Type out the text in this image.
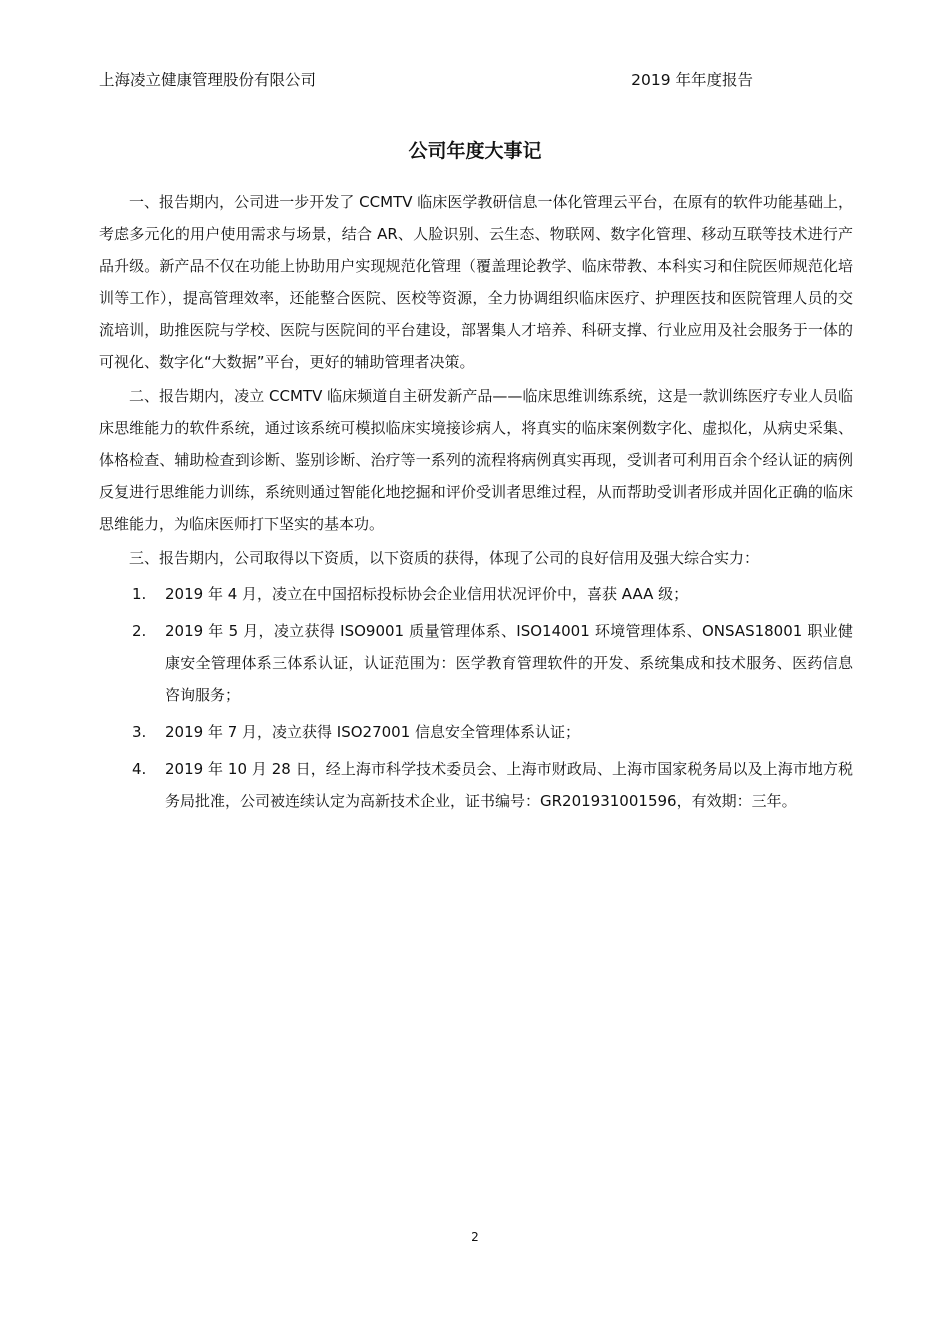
上海凌立健康管理股份有限公司	2019 年年度报告
公司年度大事记

一、报告期内，公司进一步开发了 CCMTV 临床医学教研信息一体化管理云平台，在原有的软件功能基础上，考虑多元化的用户使用需求与场景，结合 AR、人脸识别、云生态、物联网、数字化管理、移动互联等技术进行产品升级。新产品不仅在功能上协助用户实现规范化管理（覆盖理论教学、临床带教、本科实习和住院医师规范化培训等工作），提高管理效率，还能整合医院、医校等资源，全力协调组织临床医疗、护理医技和医院管理人员的交流培训，助推医院与学校、医院与医院间的平台建设，部署集人才培养、科研支撑、行业应用及社会服务于一体的可视化、数字化“大数据”平台，更好的辅助管理者决策。

二、报告期内，凌立 CCMTV 临床频道自主研发新产品——临床思维训练系统，这是一款训练医疗专业人员临床思维能力的软件系统，通过该系统可模拟临床实境接诊病人，将真实的临床案例数字化、虚拟化，从病史采集、体格检查、辅助检查到诊断、鉴别诊断、治疗等一系列的流程将病例真实再现，受训者可利用百余个经认证的病例反复进行思维能力训练，系统则通过智能化地挖掘和评价受训者思维过程，从而帮助受训者形成并固化正确的临床思维能力，为临床医师打下坚实的基本功。

三、报告期内，公司取得以下资质，以下资质的获得，体现了公司的良好信用及强大综合实力：

1. 2019 年 4 月，凌立在中国招标投标协会企业信用状况评价中，喜获 AAA 级；
2. 2019 年 5 月，凌立获得 ISO9001 质量管理体系、ISO14001 环境管理体系、ONSAS18001 职业健康安全管理体系三体系认证，认证范围为：医学教育管理软件的开发、系统集成和技术服务、医药信息咨询服务；
3. 2019 年 7 月，凌立获得 ISO27001 信息安全管理体系认证；
4. 2019 年 10 月 28 日，经上海市科学技术委员会、上海市财政局、上海市国家税务局以及上海市地方税务局批准，公司被连续认定为高新技术企业，证书编号：GR201931001596，有效期：三年。
2
